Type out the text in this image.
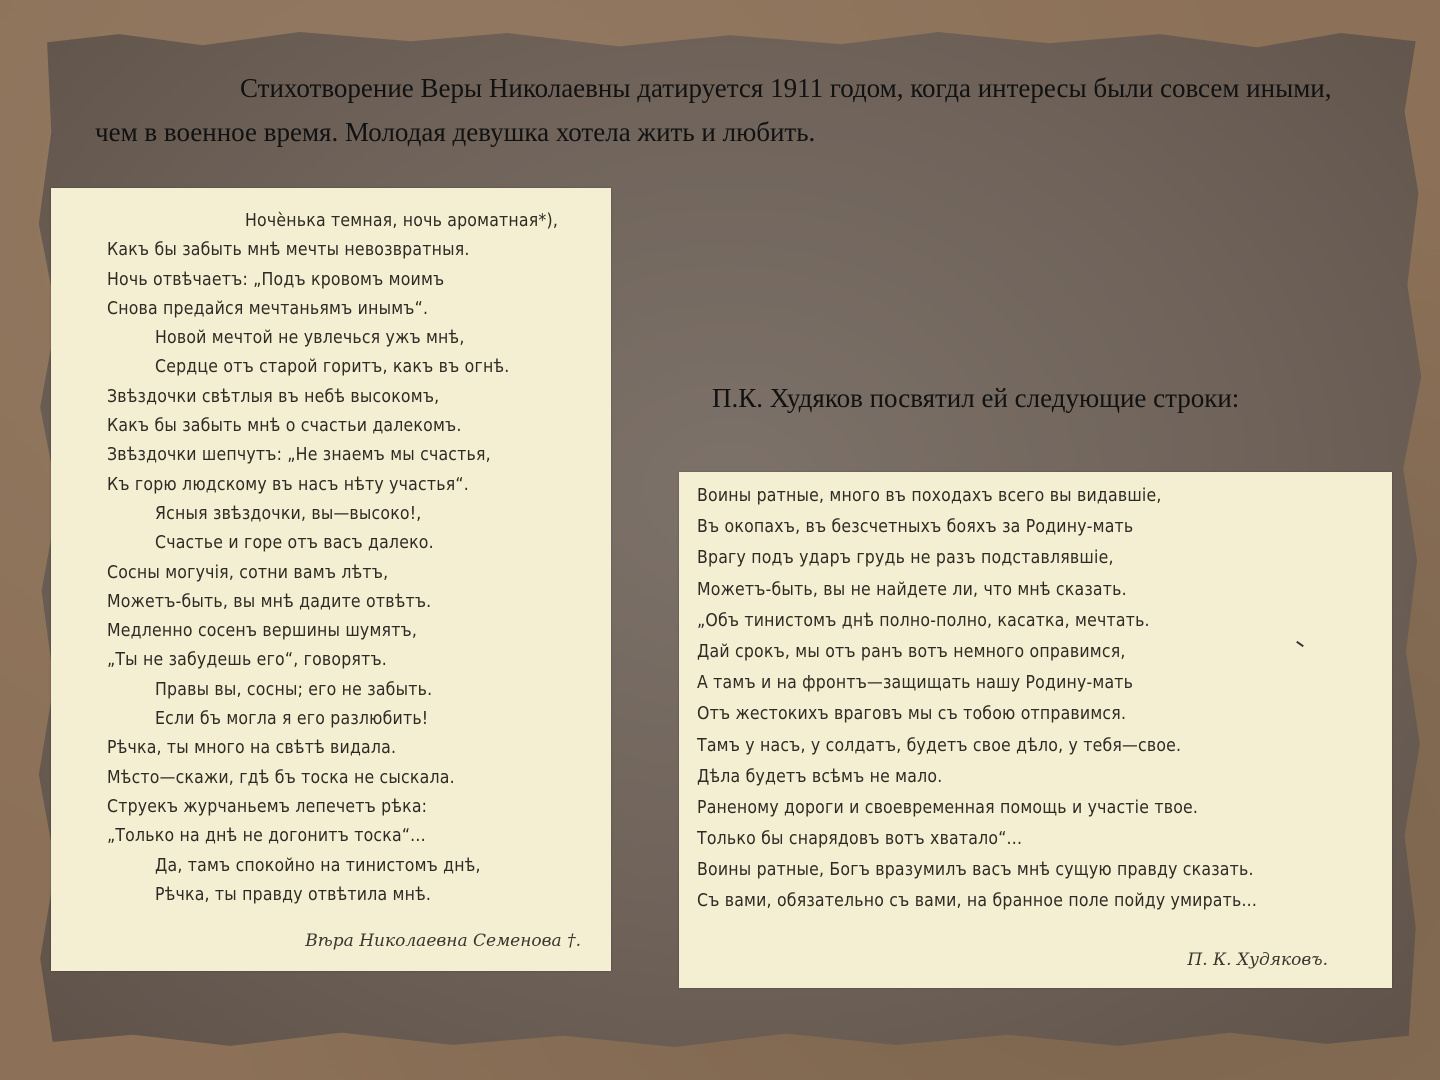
Стихотворение Веры Николаевны датируется 1911 годом, когда интересы были совсем иными, чем в военное время. Молодая девушка хотела жить и любить.

Ночѐнька темная, ночь ароматная*),
Какъ бы забыть мнѣ мечты невозвратныя.
Ночь отвѣчаетъ: „Подъ кровомъ моимъ
Снова предайся мечтаньямъ инымъ“.
Новой мечтой не увлечься ужъ мнѣ,
Сердце отъ старой горитъ, какъ въ огнѣ.
Звѣздочки свѣтлыя въ небѣ высокомъ,
Какъ бы забыть мнѣ о счастьи далекомъ.
Звѣздочки шепчутъ: „Не знаемъ мы счастья,
Къ горю людскому въ насъ нѣту участья“.
Ясныя звѣздочки, вы—высоко!,
Счастье и горе отъ васъ далеко.
Сосны могучія, сотни вамъ лѣтъ,
Можетъ-быть, вы мнѣ дадите отвѣтъ.
Медленно сосенъ вершины шумятъ,
„Ты не забудешь его“, говорятъ.
Правы вы, сосны; его не забыть.
Если бъ могла я его разлюбить!
Рѣчка, ты много на свѣтѣ видала.
Мѣсто—скажи, гдѣ бъ тоска не сыскала.
Струекъ журчаньемъ лепечетъ рѣка:
„Только на днѣ не догонитъ тоска“...
Да, тамъ спокойно на тинистомъ днѣ,
Рѣчка, ты правду отвѣтила мнѣ.
Вѣра Николаевна Семенова †.

П.К. Худяков посвятил ей следующие строки:

Воины ратные, много въ походахъ всего вы видавшіе,
Въ окопахъ, въ безсчетныхъ бояхъ за Родину-мать
Врагу подъ ударъ грудь не разъ подставлявшіе,
Можетъ-быть, вы не найдете ли, что мнѣ сказать.
„Объ тинистомъ днѣ полно-полно, касатка, мечтать.
Дай срокъ, мы отъ ранъ вотъ немного оправимся,
А тамъ и на фронтъ—защищать нашу Родину-мать
Отъ жестокихъ враговъ мы съ тобою отправимся.
Тамъ у насъ, у солдатъ, будетъ свое дѣло, у тебя—свое.
Дѣла будетъ всѣмъ не мало.
Раненому дороги и своевременная помощь и участіе твое.
Только бы снарядовъ вотъ хватало“...
Воины ратные, Богъ вразумилъ васъ мнѣ сущую правду сказать.
Съ вами, обязательно съ вами, на бранное поле пойду умирать...
П. К. Худяковъ.
